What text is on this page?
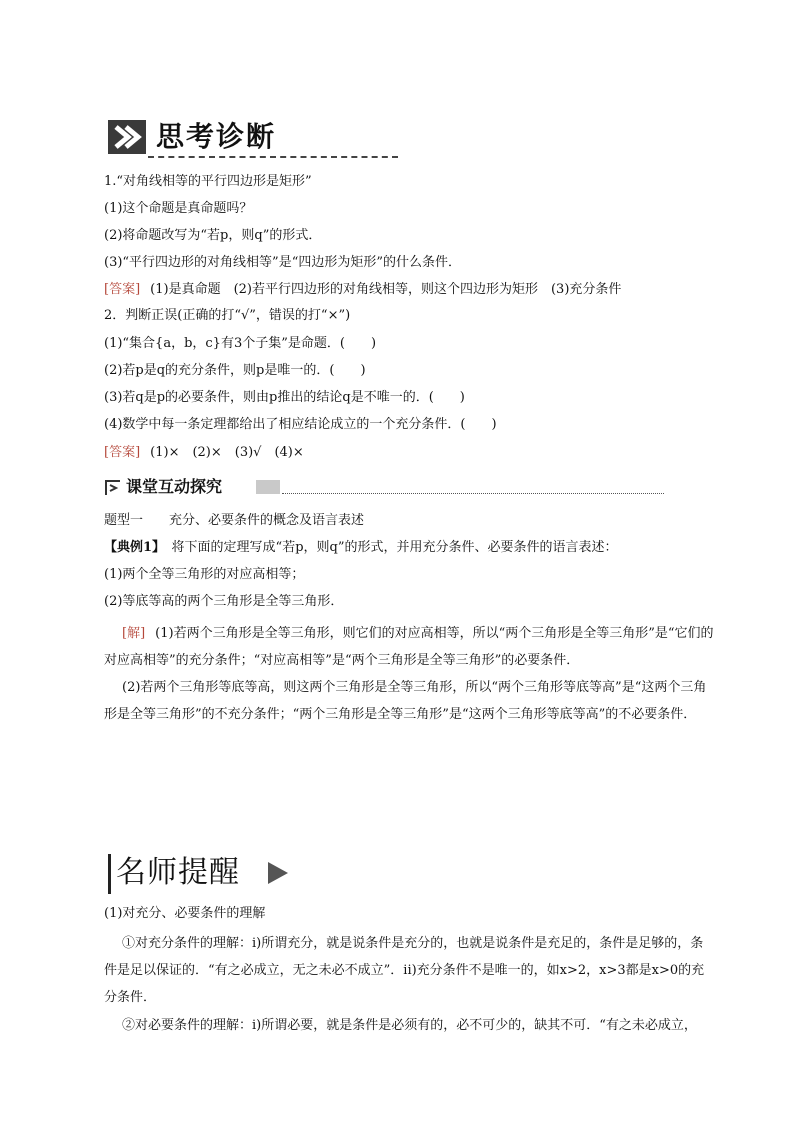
思考诊断
1.“对角线相等的平行四边形是矩形”
(1)这个命题是真命题吗？
(2)将命题改写为“若p，则q”的形式．
(3)“平行四边形的对角线相等”是“四边形为矩形”的什么条件．
[答案] (1)是真命题　(2)若平行四边形的对角线相等，则这个四边形为矩形　(3)充分条件
2．判断正误(正确的打“√”，错误的打“×”)
(1)“集合{a，b，c}有3个子集”是命题．(　　)
(2)若p是q的充分条件，则p是唯一的．(　　)
(3)若q是p的必要条件，则由p推出的结论q是不唯一的．(　　)
(4)数学中每一条定理都给出了相应结论成立的一个充分条件．(　　)
[答案] (1)×　(2)×　(3)√　(4)×
课堂互动探究
题型一　　充分、必要条件的概念及语言表述
【典例1】　将下面的定理写成“若p，则q”的形式，并用充分条件、必要条件的语言表述：
(1)两个全等三角形的对应高相等；
(2)等底等高的两个三角形是全等三角形．
[解] (1)若两个三角形是全等三角形，则它们的对应高相等，所以“两个三角形是全等三角形”是“它们的对应高相等”的充分条件；“对应高相等”是“两个三角形是全等三角形”的必要条件．
(2)若两个三角形等底等高，则这两个三角形是全等三角形，所以“两个三角形等底等高”是“这两个三角形是全等三角形”的不充分条件；“两个三角形是全等三角形”是“这两个三角形等底等高”的不必要条件．
名师提醒
(1)对充分、必要条件的理解
①对充分条件的理解：i)所谓充分，就是说条件是充分的，也就是说条件是充足的，条件是足够的，条件是足以保证的．“有之必成立，无之未必不成立”．ii)充分条件不是唯一的，如x>2，x>3都是x>0的充分条件．
②对必要条件的理解：i)所谓必要，就是条件是必须有的，必不可少的，缺其不可．“有之未必成立，
